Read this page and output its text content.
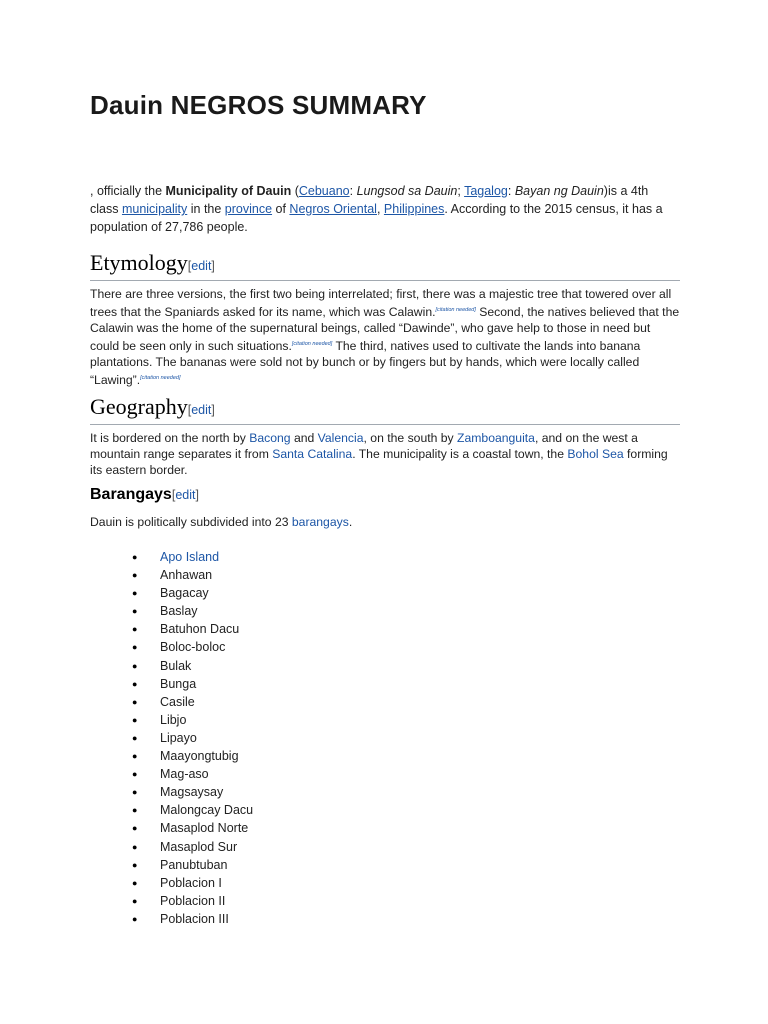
Dauin NEGROS SUMMARY

, officially the Municipality of Dauin (Cebuano: Lungsod sa Dauin; Tagalog: Bayan ng Dauin)is a 4th class municipality in the province of Negros Oriental, Philippines. According to the 2015 census, it has a population of 27,786 people.

Etymology[edit]

There are three versions, the first two being interrelated; first, there was a majestic tree that towered over all trees that the Spaniards asked for its name, which was Calawin.[citation needed] Second, the natives believed that the Calawin was the home of the supernatural beings, called “Dawinde”, who gave help to those in need but could be seen only in such situations.[citation needed] The third, natives used to cultivate the lands into banana plantations. The bananas were sold not by bunch or by fingers but by hands, which were locally called “Lawing”.[citation needed]

Geography[edit]

It is bordered on the north by Bacong and Valencia, on the south by Zamboanguita, and on the west a mountain range separates it from Santa Catalina. The municipality is a coastal town, the Bohol Sea forming its eastern border.

Barangays[edit]

Dauin is politically subdivided into 23 barangays.

● Apo Island
● Anhawan
● Bagacay
● Baslay
● Batuhon Dacu
● Boloc-boloc
● Bulak
● Bunga
● Casile
● Libjo
● Lipayo
● Maayongtubig
● Mag-aso
● Magsaysay
● Malongcay Dacu
● Masaplod Norte
● Masaplod Sur
● Panubtuban
● Poblacion I
● Poblacion II
● Poblacion III
